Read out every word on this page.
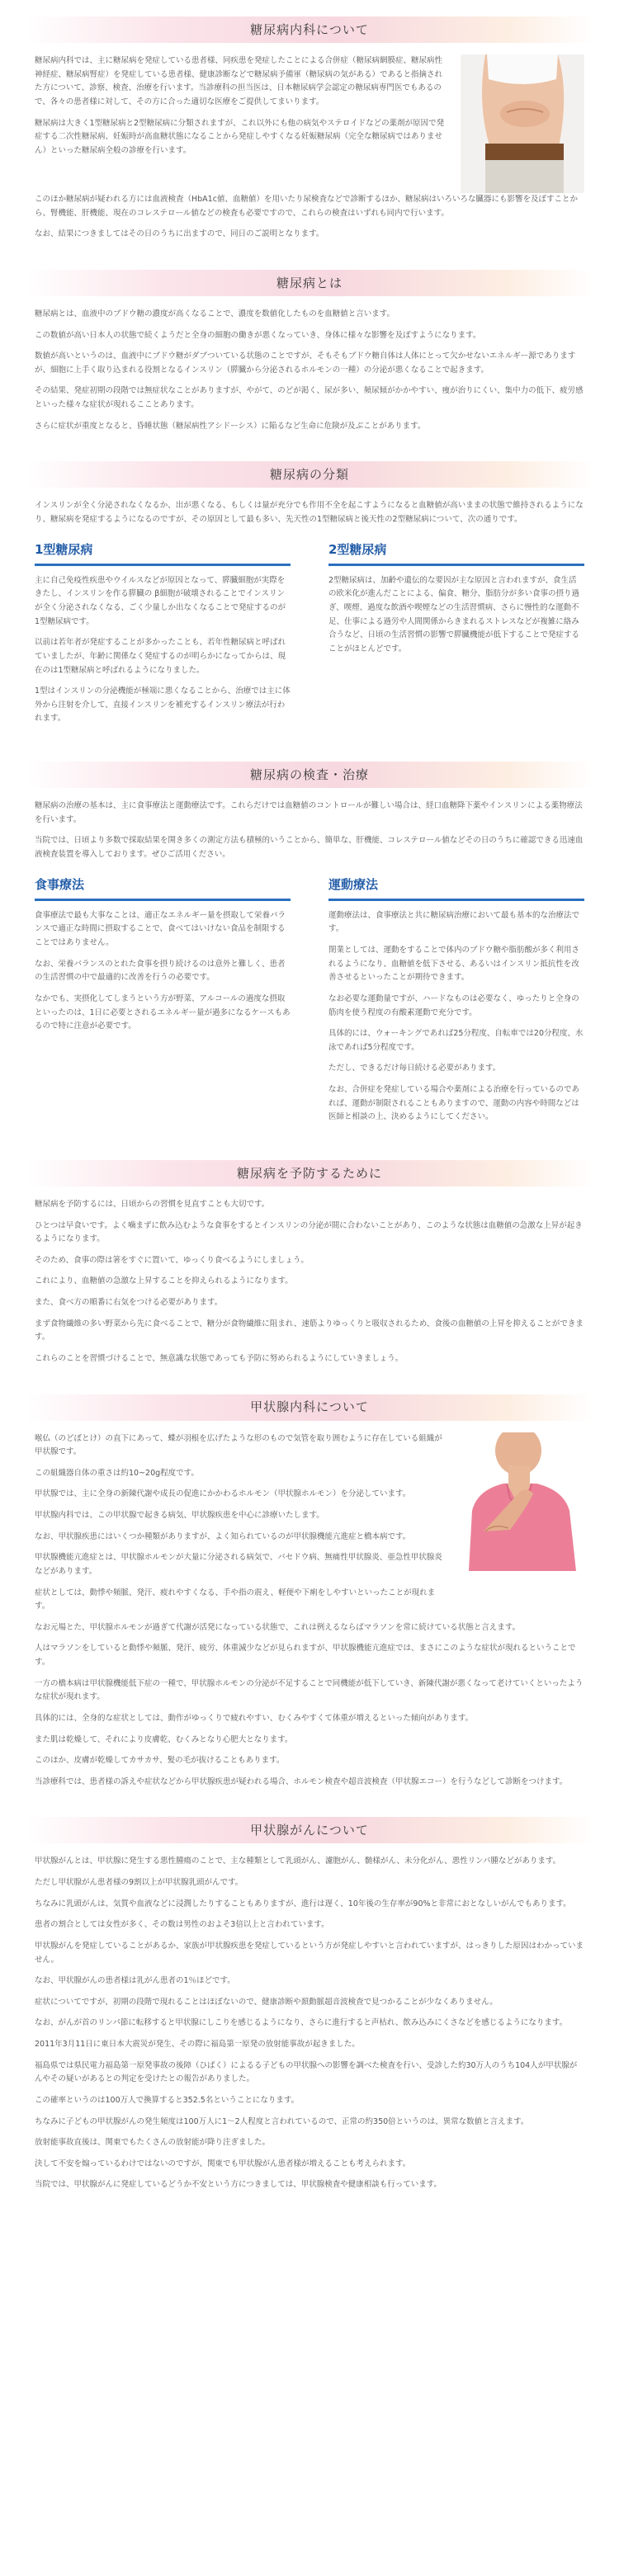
糖尿病内科について

糖尿病内科では、主に糖尿病を発症している患者様、同疾患を発症したことによる合併症（糖尿病網膜症、糖尿病性神経症、糖尿病腎症）を発症している患者様、健康診断などで糖尿病予備軍（糖尿病の気がある）であると指摘された方について、診察、検査、治療を行います。当診療科の担当医は、日本糖尿病学会認定の糖尿病専門医でもあるので、各々の患者様に対して、その方に合った適切な医療をご提供してまいります。

糖尿病は大きく1型糖尿病と2型糖尿病に分類されますが、これ以外にも他の病気やステロイドなどの薬剤が原因で発症する二次性糖尿病、妊娠時が高血糖状態になることから発症しやすくなる妊娠糖尿病（完全な糖尿病ではありません）といった糖尿病全般の診療を行います。

このほか糖尿病が疑われる方には血液検査（HbA1c値、血糖値）を用いたり尿検査などで診断するほか、糖尿病はいろいろな臓器にも影響を及ぼすことから、腎機能、肝機能、現在のコレステロール値などの検査も必要ですので、これらの検査はいずれも同内で行います。

なお、結果につきましてはその日のうちに出ますので、同日のご説明となります。

糖尿病とは

糖尿病とは、血液中のブドウ糖の濃度が高くなることで、濃度を数値化したものを血糖値と言います。

この数値が高い日本人の状態で続くようだと全身の細胞の働きが悪くなっていき、身体に様々な影響を及ぼすようになります。

数値が高いというのは、血液中にブドウ糖がダブついている状態のことですが、そもそもブドウ糖自体は人体にとって欠かせないエネルギー源でありますが、細胞に上手く取り込まれる役割となるインスリン（膵臓から分泌されるホルモンの一種）の分泌が悪くなることで起きます。

その結果、発症初期の段階では無症状なことがありますが、やがて、のどが渇く、尿が多い、頻尿傾がかかやすい、痩が治りにくい、集中力の低下、疲労感といった様々な症状が現れるこことあります。

さらに症状が重度となると、昏睡状態（糖尿病性アシドーシス）に陥るなど生命に危険が及ぶことがあります。

糖尿病の分類

インスリンが全く分泌されなくなるか、出が悪くなる、もしくは量が充分でも作用不全を起こすようになると血糖値が高いままの状態で維持されるようになり、糖尿病を発症するようになるのですが、その原因として最も多い、先天性の1型糖尿病と後天性の2型糖尿病について、次の通りです。

1型糖尿病

主に自己免疫性疾患やウイルスなどが原因となって、膵臓細胞が実際をきたし、インスリンを作る膵臓の β細胞が破壊されることでインスリンが全く分泌されなくなる、ごく少量しか出なくなることで発症するのが1型糖尿病です。

以前は若年者が発症することが多かったことも、若年性糖尿病と呼ばれていましたが、年齢に関係なく発症するのが明らかになってからは、現在のは1型糖尿病と呼ばれるようになりました。

1型はインスリンの分泌機能が極端に悪くなることから、治療では主に体外から注射を介して、直接インスリンを補充するインスリン療法が行われます。

2型糖尿病

2型糖尿病は、加齢や遺伝的な要因が主な原因と言われますが、食生活の欧米化が進んだことによる、偏食、糖分、脂肪分が多い食事の摂り過ぎ、喫煙、過度な飲酒や喫煙などの生活習慣病、さらに慢性的な運動不足、仕事による過労や人間関係からきまれるストレスなどが複雑に絡み合うなど、日頃の生活習慣の影響で膵臓機能が低下することで発症することがほとんどです。

糖尿病の検査・治療

糖尿病の治療の基本は、主に食事療法と運動療法です。これらだけでは血糖値のコントロールが難しい場合は、経口血糖降下薬やインスリンによる薬物療法を行います。

当院では、日頃より多数で採取結果を開き多くの測定方法も積極的いうことから、簡単な、肝機能、コレステロール値などその日のうちに確認できる迅速血液検査装置を導入しております。ぜひご活用ください。

食事療法

食事療法で最も大事なことは、適正なエネルギー量を摂取して栄養バランスで適正な時間に摂取することで、食べてはいけない食品を制限することではありません。

なお、栄養バランスのとれた食事を摂り続けるのは意外と難しく、患者の生活習慣の中で最適的に改善を行うの必要です。

なかでも、実摂化してしまうという方が野菜、アルコールの過度な摂取といったのは、1日に必要とされるエネルギー量が過多になるケースもあるので特に注意が必要です。

運動療法

運動療法は、食事療法と共に糖尿病治療において最も基本的な治療法です。

閉業としては、運動をすることで体内のブドウ糖や脂肪酸が多く利用されるようになり、血糖値を低下させる、あるいはインスリン抵抗性を改善させるといったことが期待できます。

なお必要な運動量ですが、ハードなものは必要なく、ゆったりと全身の筋肉を使う程度の有酸素運動で充分です。

具体的には、ウォーキングであれば25分程度、自転車では20分程度、水泳であれば5分程度です。

ただし、できるだけ毎日続ける必要があります。

なお、合併症を発症している場合や薬剤による治療を行っているのであれば、運動が制限されることもありますので、運動の内容や時間などは医師と相談の上、決めるようにしてください。

糖尿病を予防するために

糖尿病を予防するには、日頃からの習慣を見直すことも大切です。

ひとつは早食いです。よく噛まずに飲み込むような食事をするとインスリンの分泌が間に合わないことがあり、このような状態は血糖値の急激な上昇が起きるようになります。

そのため、食事の際は箸をすぐに置いて、ゆっくり食べるようにしましょう。

これにより、血糖値の急激な上昇することを抑えられるようになります。

また、食べ方の順番に右気をつける必要があります。

まず食物繊維の多い野菜から先に食べることで、糖分が食物繊維に阻まれ、速筋よりゆっくりと吸収されるため、食後の血糖値の上昇を抑えることができます。

これらのことを習慣づけることで、無意識な状態であっても予防に努められるようにしていきましょう。

甲状腺内科について

喉仏（のどぼとけ）の直下にあって、蝶が羽根を広げたような形のもので気管を取り囲むように存在している組織が甲状腺です。

この組織器自体の重さは約10~20g程度です。

甲状腺では、主に全身の新陳代謝や成長の促進にかかわるホルモン（甲状腺ホルモン）を分泌しています。

甲状腺内科では、この甲状腺で起きる病気、甲状腺疾患を中心に診療いたします。

なお、甲状腺疾患にはいくつか種類がありますが、よく知られているのが甲状腺機能亢進症と橋本病です。

甲状腺機能亢進症とは、甲状腺ホルモンが大量に分泌される病気で、バセドウ病、無痛性甲状腺炎、亜急性甲状腺炎などがあります。

症状としては、動悸や頻脈、発汗、疲れやすくなる、手や指の震え、軽便や下痢をしやすいといったことが現れます。

なお元場とた、甲状腺ホルモンが過ぎて代謝が活発になっている状態で、これは例えるならばマラソンを常に続けている状態と言えます。

人はマラソンをしていると動悸や頻脈、発汗、疲労、体重減少などが見られますが、甲状腺機能亢進症では、まさにこのような症状が現れるということです。

一方の橋本病は甲状腺機能低下症の一種で、甲状腺ホルモンの分泌が不足することで同機能が低下していき、新陳代謝が悪くなって老けていくといったような症状が現れます。

具体的には、全身的な症状としては、動作がゆっくりで疲れやすい、むくみやすくて体重が増えるといった傾向があります。

また肌は乾燥して、それにより皮膚乾、むくみとなり心肥大となります。

このほか、皮膚が乾燥してカサカサ、髪の毛が抜けることもあります。

当診療科では、患者様の訴えや症状などから甲状腺疾患が疑われる場合、ホルモン検査や超音波検査（甲状腺エコー）を行うなどして診断をつけます。

甲状腺がんについて

甲状腺がんとは、甲状腺に発生する悪性腫瘍のことで、主な種類として乳頭がん、濾胞がん、髄様がん、未分化がん、悪性リンパ腫などがあります。

ただし甲状腺がん患者様の9割以上が甲状腺乳頭がんです。

ちなみに乳頭がんは、気質や血液などに浸潤したりすることもありますが、進行は遅く、10年後の生存率が90%と非常におとなしいがんでもあります。

患者の割合としては女性が多く、その数は男性のおよそ3倍以上と言われています。

甲状腺がんを発症していることがあるか、家族が甲状腺疾患を発症しているという方が発症しやすいと言われていますが、はっきりした原因はわかっていません。

なお、甲状腺がんの患者様は乳がん患者の1％ほどです。

症状についてですが、初期の段階で現れることはほぼないので、健康診断や頚動脈超音波検査で見つかることが少なくありません。

なお、がんが首のリンパ節に転移すると甲状腺にしこりを感じるようになり、さらに進行すると声枯れ、飲み込みにくさなどを感じるようになります。

2011年3月11日に東日本大震災が発生、その際に福島第一原発の放射能事故が起きました。

福島県では県民電力福島第一原発事故の後障（ひばく）によるる子どもの甲状腺への影響を調べた検査を行い、受診した約30万人のうち104人が甲状腺がんやその疑いがあるとの判定を受けたとの報告がありました。

この確率というのは100万人で換算すると352.5名ということになります。

ちなみに子どもの甲状腺がんの発生頻度は100万人に1～2人程度と言われているので、正常の約350倍というのは、異常な数値と言えます。

放射能事故直後は、関東でもたくさんの放射能が降り注ぎました。

決して不安を煽っているわけではないのですが、関東でも甲状腺がん患者様が増えることも考えられます。

当院では、甲状腺がんに発症しているどうか不安という方につきましては、甲状腺検査や健康相談も行っています。
